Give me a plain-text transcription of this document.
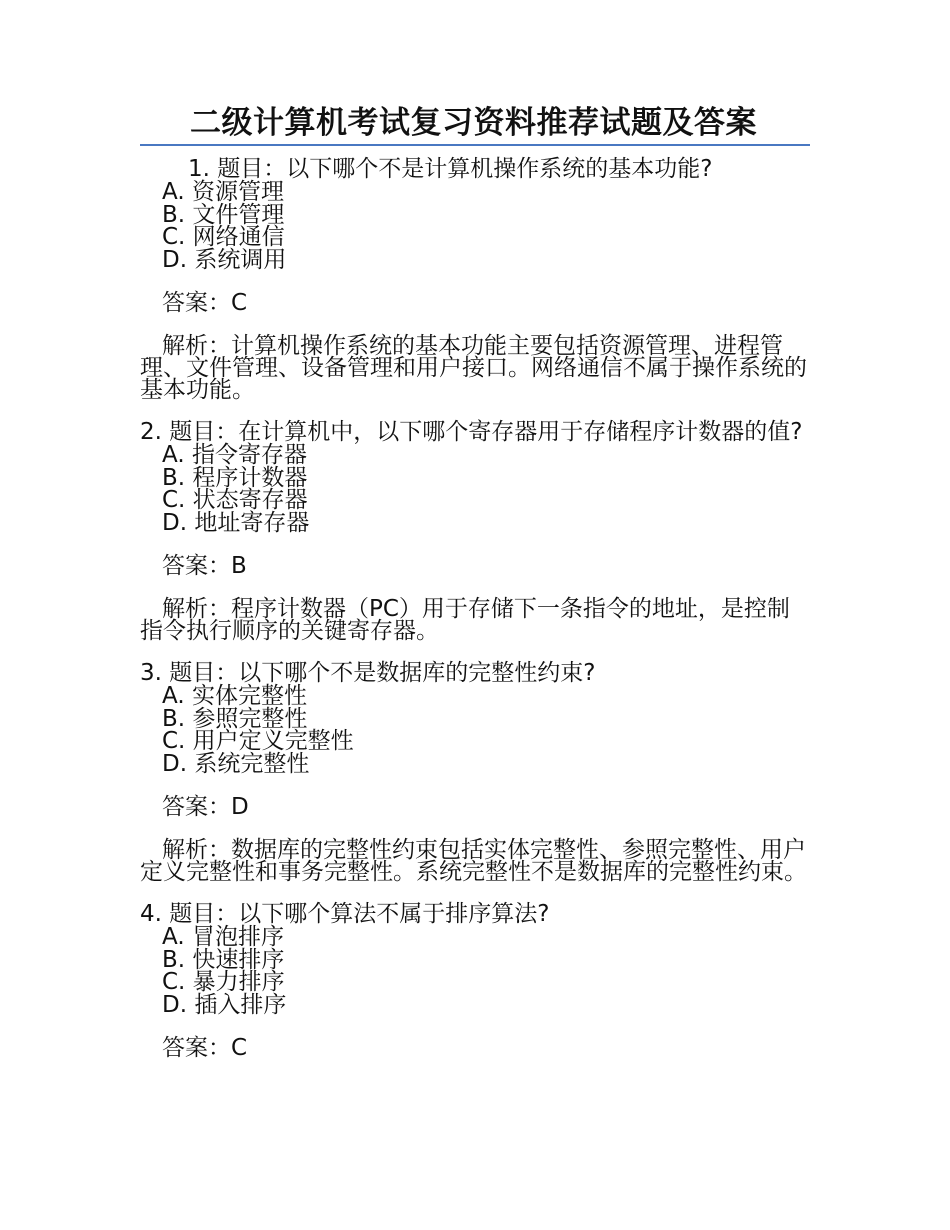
二级计算机考试复习资料推荐试题及答案
1. 题目：以下哪个不是计算机操作系统的基本功能?
A. 资源管理
B. 文件管理
C. 网络通信
D. 系统调用
答案：C
解析：计算机操作系统的基本功能主要包括资源管理、进程管理、文件管理、设备管理和用户接口。网络通信不属于操作系统的基本功能。
2. 题目：在计算机中，以下哪个寄存器用于存储程序计数器的值?
A. 指令寄存器
B. 程序计数器
C. 状态寄存器
D. 地址寄存器
答案：B
解析：程序计数器（PC）用于存储下一条指令的地址，是控制指令执行顺序的关键寄存器。
3. 题目：以下哪个不是数据库的完整性约束?
A. 实体完整性
B. 参照完整性
C. 用户定义完整性
D. 系统完整性
答案：D
解析：数据库的完整性约束包括实体完整性、参照完整性、用户定义完整性和事务完整性。系统完整性不是数据库的完整性约束。
4. 题目：以下哪个算法不属于排序算法?
A. 冒泡排序
B. 快速排序
C. 暴力排序
D. 插入排序
答案：C
